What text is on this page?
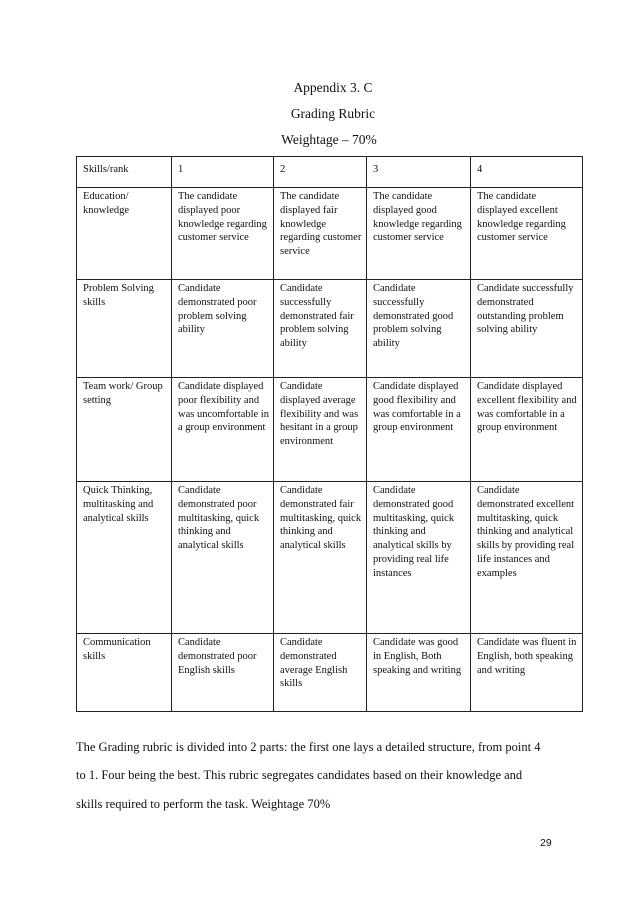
Appendix 3. C
Grading Rubric
Weightage – 70%
Skills/rank	1	2	3	4
Education/ knowledge	The candidate displayed poor knowledge regarding customer service	The candidate displayed fair knowledge regarding customer service	The candidate displayed good knowledge regarding customer service	The candidate displayed excellent knowledge regarding customer service
Problem Solving skills	Candidate demonstrated poor problem solving ability	Candidate successfully demonstrated fair problem solving ability	Candidate successfully demonstrated good problem solving ability	Candidate successfully demonstrated outstanding problem solving ability
Team work/ Group setting	Candidate displayed poor flexibility and was uncomfortable in a group environment	Candidate displayed average flexibility and was hesitant in a group environment	Candidate displayed good flexibility and was comfortable in a group environment	Candidate displayed excellent flexibility and was comfortable in a group environment
Quick Thinking, multitasking and analytical skills	Candidate demonstrated poor multitasking, quick thinking and analytical skills	Candidate demonstrated fair multitasking, quick thinking and analytical skills	Candidate demonstrated good multitasking, quick thinking and analytical skills by providing real life instances	Candidate demonstrated excellent multitasking, quick thinking and analytical skills by providing real life instances and examples
Communication skills	Candidate demonstrated poor English skills	Candidate demonstrated average English skills	Candidate was good in English, Both speaking and writing	Candidate was fluent in English, both speaking and writing
The Grading rubric is divided into 2 parts: the first one lays a detailed structure, from point 4
to 1. Four being the best. This rubric segregates candidates based on their knowledge and
skills required to perform the task. Weightage 70%
29
